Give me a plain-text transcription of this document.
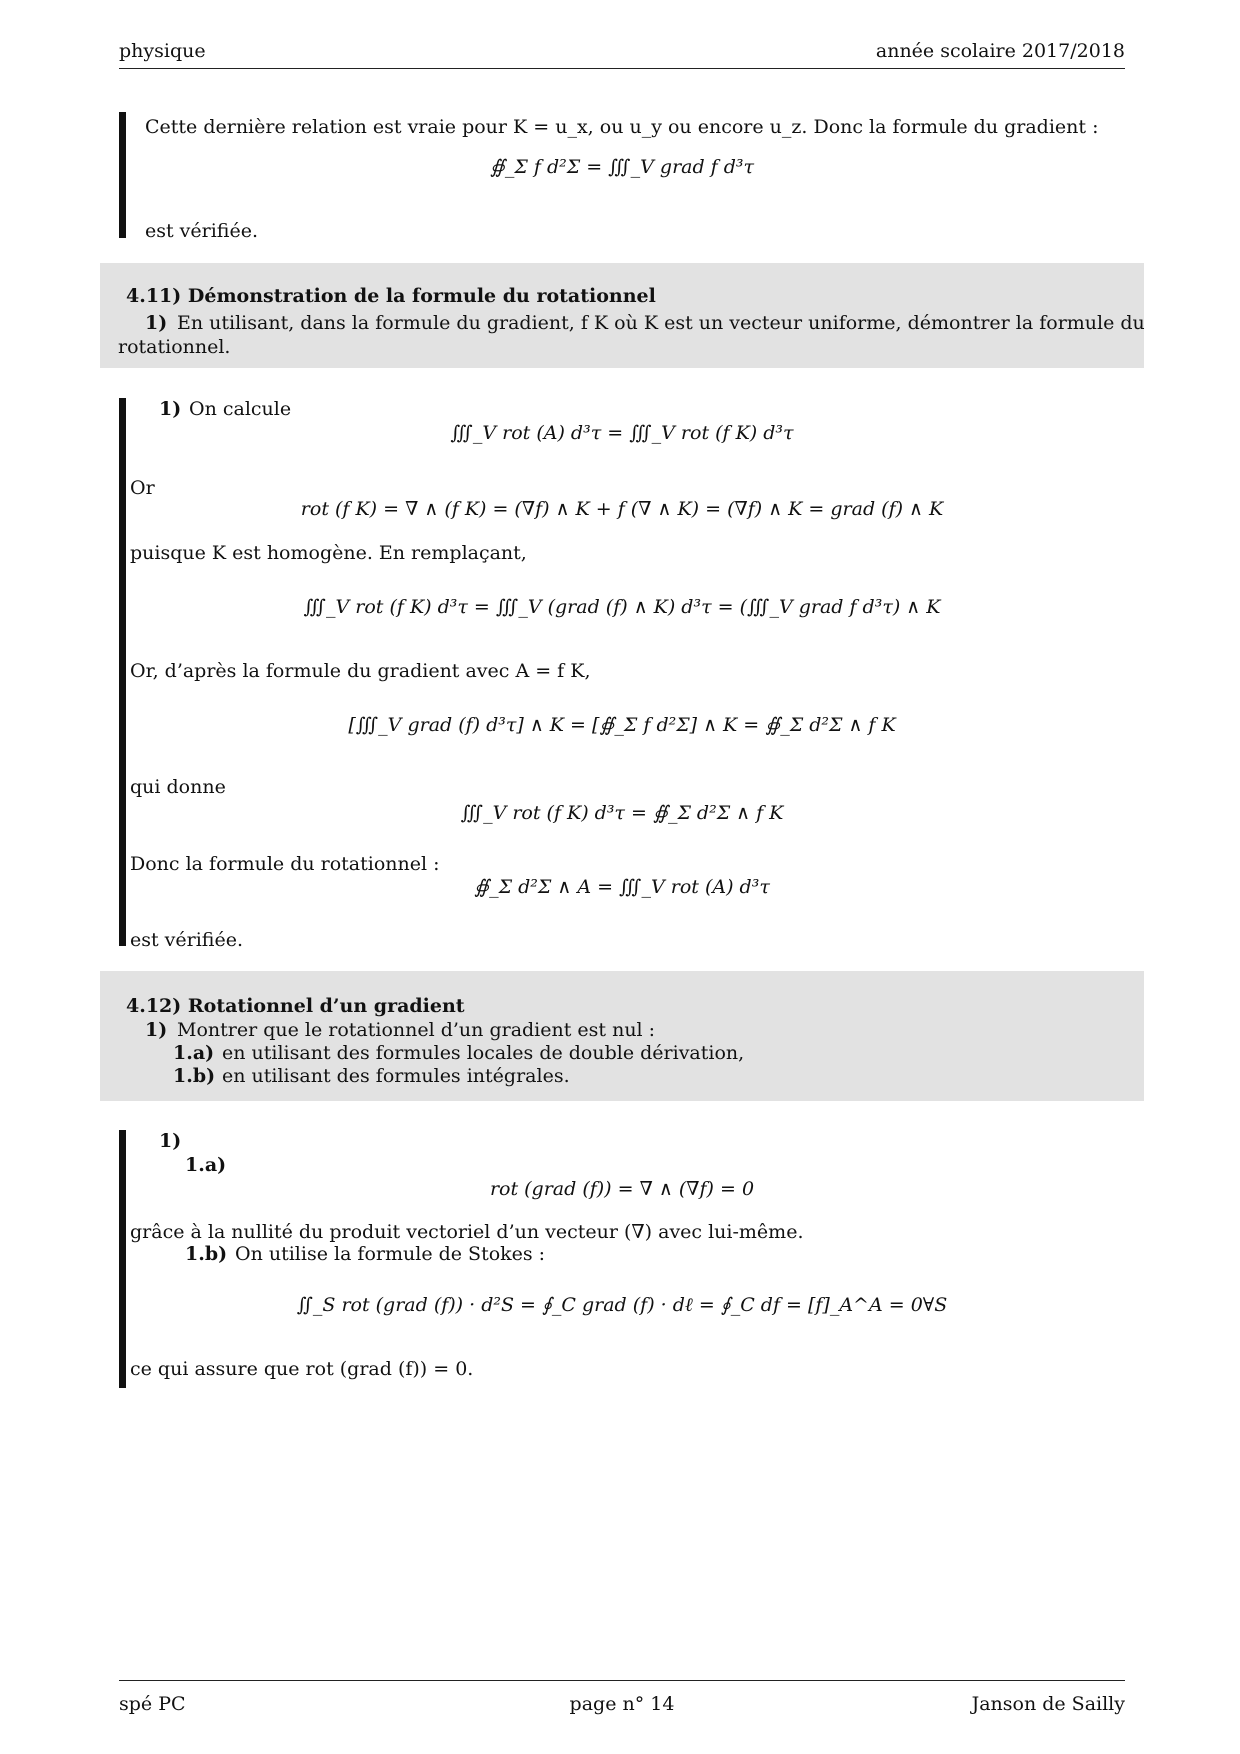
physique	année scolaire 2017/2018
Cette dernière relation est vraie pour K = u_x, ou u_y ou encore u_z. Donc la formule du gradient :
∯_Σ f d²Σ = ∭_V grad f d³τ
est vérifiée.
4.11) Démonstration de la formule du rotationnel
1) En utilisant, dans la formule du gradient, f K où K est un vecteur uniforme, démontrer la formule du
rotationnel.
1) On calcule
∭_V rot (A) d³τ = ∭_V rot (f K) d³τ
Or
rot (f K) = ∇ ∧ (f K) = (∇f) ∧ K + f (∇ ∧ K) = (∇f) ∧ K = grad (f) ∧ K
puisque K est homogène. En remplaçant,
∭_V rot (f K) d³τ = ∭_V (grad (f) ∧ K) d³τ = (∭_V grad f d³τ) ∧ K
Or, d’après la formule du gradient avec A = f K,
[∭_V grad (f) d³τ] ∧ K = [∯_Σ f d²Σ] ∧ K = ∯_Σ d²Σ ∧ f K
qui donne
∭_V rot (f K) d³τ = ∯_Σ d²Σ ∧ f K
Donc la formule du rotationnel :
∯_Σ d²Σ ∧ A = ∭_V rot (A) d³τ
est vérifiée.
4.12) Rotationnel d’un gradient
1) Montrer que le rotationnel d’un gradient est nul :
1.a) en utilisant des formules locales de double dérivation,
1.b) en utilisant des formules intégrales.
1)
1.a)
rot (grad (f)) = ∇ ∧ (∇f) = 0
grâce à la nullité du produit vectoriel d’un vecteur (∇) avec lui-même.
1.b) On utilise la formule de Stokes :
∬_S rot (grad (f)) · d²S = ∮_C grad (f) · dℓ = ∮_C df = [f]_A^A = 0∀S
ce qui assure que rot (grad (f)) = 0.
spé PC	page n° 14	Janson de Sailly
